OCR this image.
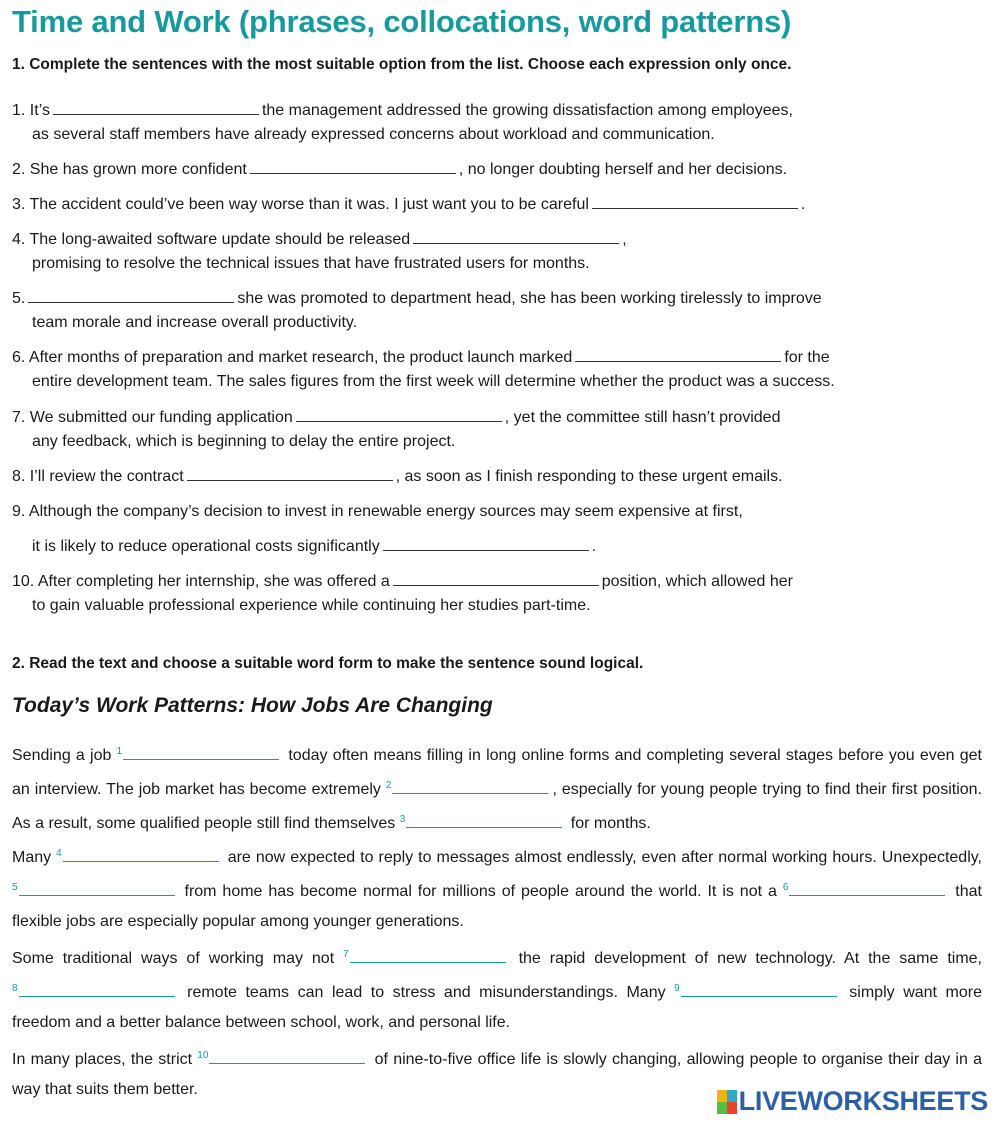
Time and Work (phrases, collocations, word patterns)

1. Complete the sentences with the most suitable option from the list. Choose each expression only once.

1. It’s	the management addressed the growing dissatisfaction among employees,
as several staff members have already expressed concerns about workload and communication.

2. She has grown more confident	, no longer doubting herself and her decisions.

3. The accident could’ve been way worse than it was. I just want you to be careful	.

4. The long-awaited software update should be released	,
promising to resolve the technical issues that have frustrated users for months.

5.	she was promoted to department head, she has been working tirelessly to improve
team morale and increase overall productivity.

6. After months of preparation and market research, the product launch marked	for the
entire development team. The sales figures from the first week will determine whether the product was a success.

7. We submitted our funding application	, yet the committee still hasn’t provided
any feedback, which is beginning to delay the entire project.

8. I’ll review the contract	, as soon as I finish responding to these urgent emails.

9. Although the company’s decision to invest in renewable energy sources may seem expensive at first,

it is likely to reduce operational costs significantly	.

10. After completing her internship, she was offered a	position, which allowed her
to gain valuable professional experience while continuing her studies part-time.

2. Read the text and choose a suitable word form to make the sentence sound logical.

Today’s Work Patterns: How Jobs Are Changing

Sending a job $^1$	today often means filling in long online forms and completing several stages before you even get an interview. The job market has become extremely $^2$	, especially for young people trying to find their first position. As a result, some qualified people still find themselves $^3$	for months.

Many $^4$	are now expected to reply to messages almost endlessly, even after normal working hours. Unexpectedly, $^5$	from home has become normal for millions of people around the world. It is not a $^6$	that flexible jobs are especially popular among younger generations.

Some traditional ways of working may not $^7$	the rapid development of new technology. At the same time, $^8$	remote teams can lead to stress and misunderstandings. Many $^9$	simply want more freedom and a better balance between school, work, and personal life.

In many places, the strict $^{10}$	of nine-to-five office life is slowly changing, allowing people to organise their day in a way that suits them better.	LIVEWORKSHEETS
